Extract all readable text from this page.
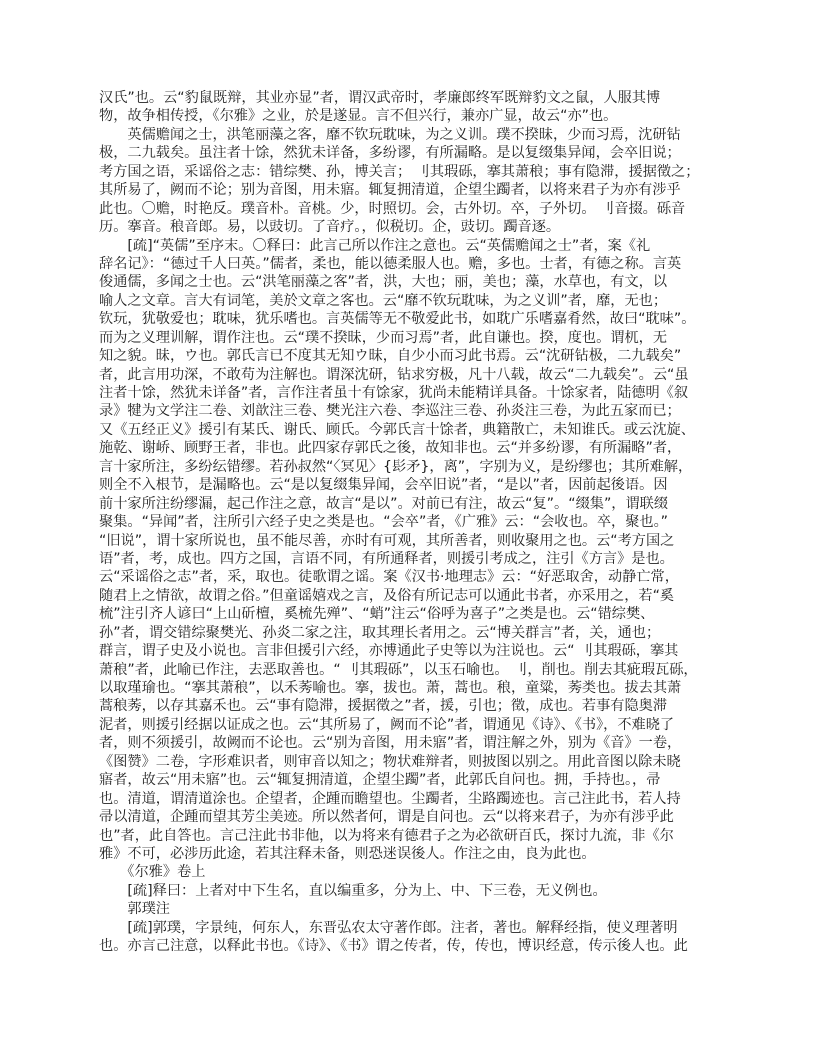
汉氏”也。云“豹鼠既辩，其业亦显”者，谓汉武帝时，孝廉郎终军既辩豹文之鼠，人服其博
物，故争相传授，《尔雅》之业，於是遂显。言不但兴行，兼亦广显，故云“亦”也。
　　英儒赡闻之士，洪笔丽藻之客，靡不钦玩耽味，为之义训。璞不揆昧，少而习焉，沈研钻
极，二九载矣。虽注者十馀，然犹未详备，多纷谬，有所漏略。是以复缀集异闻，会卒旧说；
考方国之语，采谣俗之志：错综樊、孙，博关言； 刂其瑕砾，搴其萧稂；事有隐滞，援据徵之；
其所易了，阙而不论；别为音图，用未寤。辄复拥清道，企望尘躅者，以将来君子为亦有涉乎
此也。〇赡，时艳反。璞音朴。音桃。少，时照切。会，古外切。卒，子外切。 刂音掇。砾音
历。搴音。稂音郎。易，以豉切。了音疗。，似税切。企，豉切。躅音逐。
　　[疏]“英儒”至序末。〇释曰：此言己所以作注之意也。云“英儒赡闻之士”者，案《礼
辞名记》：“德过千人曰英。”儒者，柔也，能以德柔服人也。赡，多也。士者，有德之称。言英
俊通儒，多闻之士也。云“洪笔丽藻之客”者，洪，大也；丽，美也；藻，水草也，有文，以
喻人之文章。言大有词笔，美於文章之客也。云“靡不钦玩耽味，为之义训”者，靡，无也；
钦玩，犹敬爱也；耽味，犹乐嗜也。言英儒等无不敬爱此书，如耽广乐嗜嘉肴然，故曰“耽味”。
而为之义理训解，谓作注也。云“璞不揆昧，少而习焉”者，此自谦也。揆，度也。谓杌，无
知之貌。昧，ウ也。郭氏言已不度其无知ウ昧，自少小而习此书焉。云“沈研钻极，二九载矣”
者，此言用功深，不敢苟为注解也。谓深沈研，钻求穷极，凡十八载，故云“二九载矣”。云“虽
注者十馀，然犹未详备”者，言作注者虽十有馀家，犹尚未能精详具备。十馀家者，陆德明《叙
录》犍为文学注二卷、刘歆注三卷、樊光注六卷、李巡注三卷、孙炎注三卷，为此五家而已；
又《五经正义》援引有某氏、谢氏、顾氏。今郭氏言十馀者，典籍散亡，未知谁氏。或云沈旋、
施乾、谢峤、顾野王者，非也。此四家存郭氏之後，故知非也。云“并多纷谬，有所漏略”者，
言十家所注，多纷纭错缪。若孙叔然“〈冥见〉{髟矛}，离”，字别为义，是纷缪也；其所难解，
则全不入根节，是漏略也。云“是以复缀集异闻，会卒旧说”者，“是以”者，因前起後语。因
前十家所注纷缪漏，起己作注之意，故言“是以”。对前已有注，故云“复”。“缀集”，谓联缀
聚集。“异闻”者，注所引六经子史之类是也。“会卒”者，《广雅》云：“会收也。卒，聚也。”
“旧说”，谓十家所说也，虽不能尽善，亦时有可观，其所善者，则收聚用之也。云“考方国之
语”者，考，成也。四方之国，言语不同，有所通释者，则援引考成之，注引《方言》是也。
云“采谣俗之志”者，采，取也。徒歌谓之谣。案《汉书·地理志》云：“好恶取舍，动静亡常，
随君上之情欲，故谓之俗。”但童谣嬉戏之言，及俗有所记志可以通此书者，亦采用之，若“奚
梳”注引齐人谚曰“上山斫檀，奚梳先殚”、“蛸”注云“俗呼为喜子”之类是也。云“错综樊、
孙”者，谓交错综聚樊光、孙炎二家之注，取其理长者用之。云“博关群言”者，关，通也；
群言，谓子史及小说也。言非但援引六经，亦博通此子史等以为注说也。云“ 刂其瑕砾，搴其
萧稂”者，此喻已作注，去恶取善也。“ 刂其瑕砾”，以玉石喻也。 刂，削也。削去其疵瑕瓦砾，
以取瑾瑜也。“搴其萧稂”，以禾莠喻也。搴，拔也。萧，蒿也。稂，童粱，莠类也。拔去其萧
蒿稂莠，以存其嘉禾也。云“事有隐滞，援据徵之”者，援，引也；徵，成也。若事有隐奥滞
泥者，则援引经据以证成之也。云“其所易了，阙而不论”者，谓通见《诗》、《书》，不难晓了
者，则不须援引，故阙而不论也。云“别为音图，用未寤”者，谓注解之外，别为《音》一卷，
《图赞》二卷，字形难识者，则审音以知之；物状难辩者，则披图以别之。用此音图以除未晓
寤者，故云“用未寤”也。云“辄复拥清道，企望尘躅”者，此郭氏自问也。拥，手持也。，帚
也。清道，谓清道涂也。企望者，企踵而瞻望也。尘躅者，尘路躅迹也。言己注此书，若人持
帚以清道，企踵而望其芳尘美迹。所以然者何，谓是自问也。云“以将来君子，为亦有涉乎此
也”者，此自答也。言己注此书非他，以为将来有德君子之为必欲研百氏，探讨九流，非《尔
雅》不可，必涉历此途，若其注释未备，则恐迷误後人。作注之由，良为此也。
　　《尔雅》卷上
　　[疏]释曰：上者对中下生名，直以编重多，分为上、中、下三卷，无义例也。
　　郭璞注
　　[疏]郭璞，字景纯，何东人，东晋弘农太守著作郎。注者，著也。解释经指，使义理著明
也。亦言己注意，以释此书也。《诗》、《书》谓之传者，传，传也，博识经意，传示後人也。此
